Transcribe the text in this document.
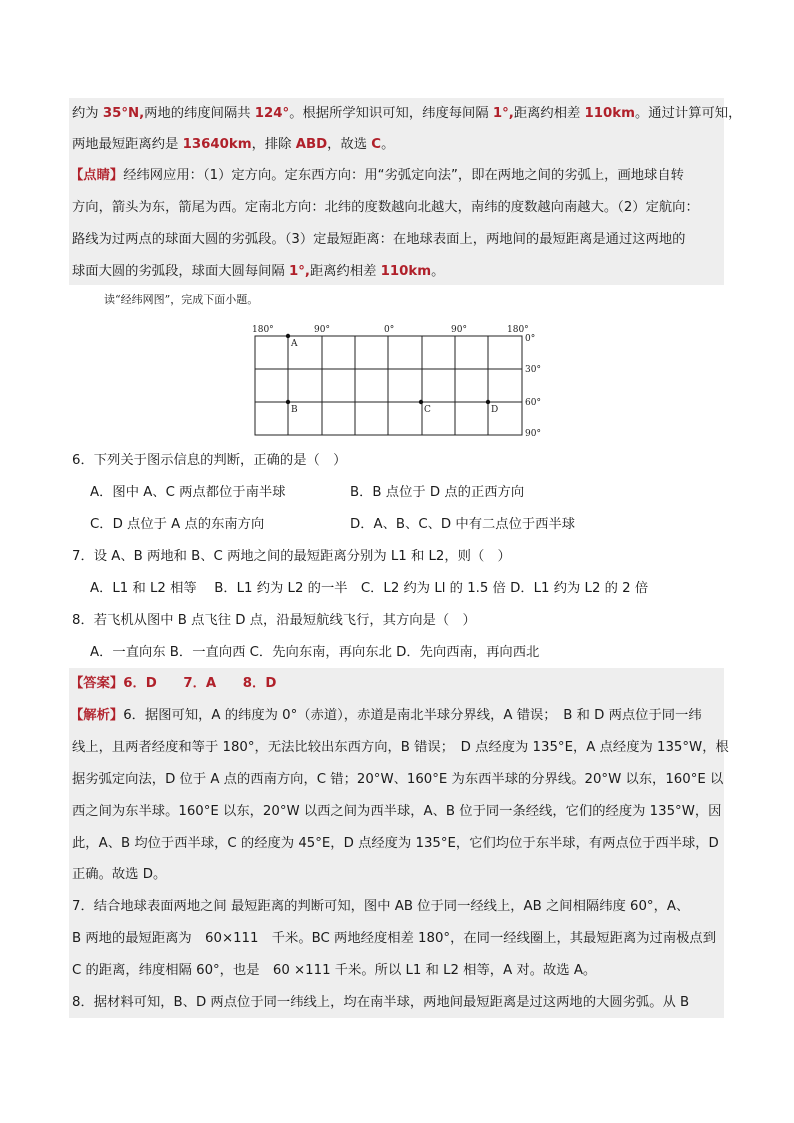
约为 35°N,两地的纬度间隔共 124°。根据所学知识可知，纬度每间隔 1°,距离约相差 110km。通过计算可知，
两地最短距离约是 13640km，排除 ABD，故选 C。
【点睛】经纬网应用：（1）定方向。定东西方向：用“劣弧定向法”，即在两地之间的劣弧上，画地球自转
方向，箭头为东，箭尾为西。定南北方向：北纬的度数越向北越大，南纬的度数越向南越大。（2）定航向：
路线为过两点的球面大圆的劣弧段。（3）定最短距离：在地球表面上，两地间的最短距离是通过这两地的
球面大圆的劣弧段，球面大圆每间隔 1°,距离约相差 110km。
读“经纬网图”，完成下面小题。
180°	90°	0°	90°	180°
0°
30°
60°
90°
A
B	C	D
6．下列关于图示信息的判断，正确的是（　）
A．图中 A、C 两点都位于南半球	B．B 点位于 D 点的正西方向
C．D 点位于 A 点的东南方向	D．A、B、C、D 中有二点位于西半球
7．设 A、B 两地和 B、C 两地之间的最短距离分别为 L1 和 L2，则（　）
A．L1 和 L2 相等　 B．L1 约为 L2 的一半　C．L2 约为 Ll 的 1.5 倍 D．L1 约为 L2 的 2 倍
8．若飞机从图中 B 点飞往 D 点，沿最短航线飞行，其方向是（　）
A．一直向东 B．一直向西 C．先向东南，再向东北 D．先向西南，再向西北
【答案】6．D　　7．A　　8．D
【解析】6．据图可知，A 的纬度为 0°（赤道），赤道是南北半球分界线，A 错误；　B 和 D 两点位于同一纬
线上，且两者经度和等于 180°，无法比较出东西方向，B 错误；　D 点经度为 135°E，A 点经度为 135°W，根
据劣弧定向法，D 位于 A 点的西南方向，C 错；20°W、160°E 为东西半球的分界线。20°W 以东，160°E 以
西之间为东半球。160°E 以东，20°W 以西之间为西半球，A、B 位于同一条经线，它们的经度为 135°W，因
此，A、B 均位于西半球，C 的经度为 45°E，D 点经度为 135°E，它们均位于东半球，有两点位于西半球，D
正确。故选 D。
7．结合地球表面两地之间 最短距离的判断可知，图中 AB 位于同一经线上，AB 之间相隔纬度 60°，A、
B 两地的最短距离为　60×111　千米。BC 两地经度相差 180°，在同一经线圈上，其最短距离为过南极点到
C 的距离，纬度相隔 60°，也是　60 ×111 千米。所以 L1 和 L2 相等，A 对。故选 A。
8．据材料可知，B、D 两点位于同一纬线上，均在南半球，两地间最短距离是过这两地的大圆劣弧。从 B
